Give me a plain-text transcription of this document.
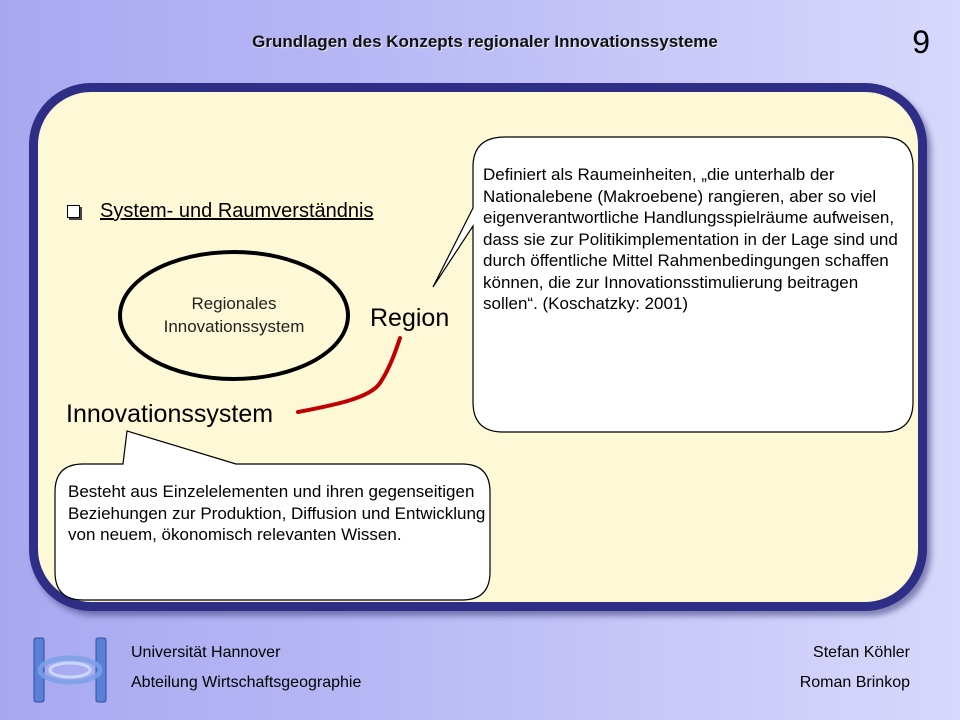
Grundlagen des Konzepts regionaler Innovationssysteme	9
System- und Raumverständnis
Regionales
Innovationssystem	Region
Innovationssystem
Definiert als Raumeinheiten, „die unterhalb der Nationalebene (Makroebene) rangieren, aber so viel eigenverantwortliche Handlungsspielräume aufweisen, dass sie zur Politikimplementation in der Lage sind und durch öffentliche Mittel Rahmenbedingungen schaffen können, die zur Innovationsstimulierung beitragen sollen“. (Koschatzky: 2001)
Besteht aus Einzelelementen und ihren gegenseitigen Beziehungen zur Produktion, Diffusion und Entwicklung von neuem, ökonomisch relevanten Wissen.
Universität Hannover
Abteilung Wirtschaftsgeographie
Stefan Köhler
Roman Brinkop
